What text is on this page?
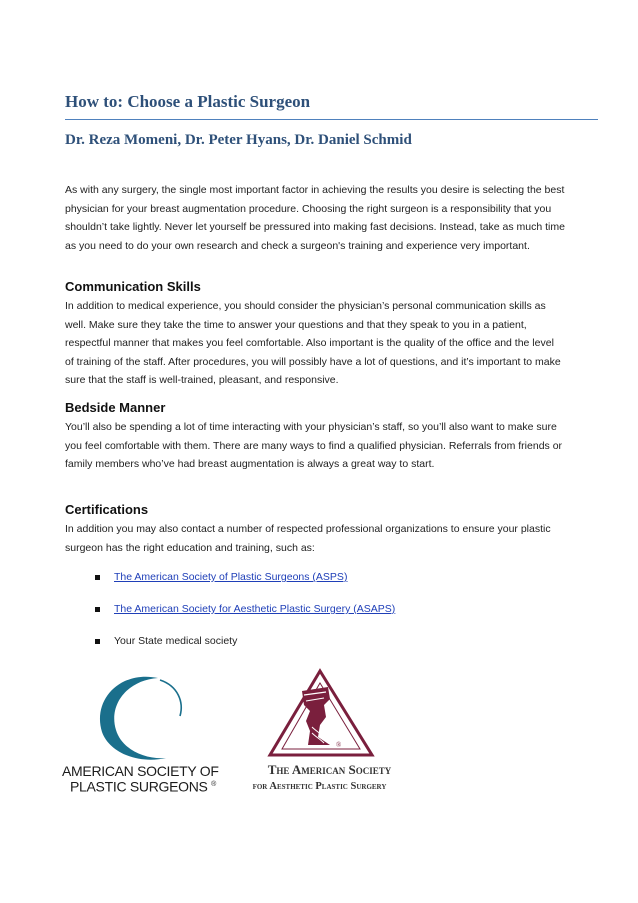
How to: Choose a Plastic Surgeon
Dr. Reza Momeni, Dr. Peter Hyans, Dr. Daniel Schmid

As with any surgery, the single most important factor in achieving the results you desire is selecting the best physician for your breast augmentation procedure. Choosing the right surgeon is a responsibility that you shouldn’t take lightly. Never let yourself be pressured into making fast decisions. Instead, take as much time as you need to do your own research and check a surgeon's training and experience very important.

Communication Skills

In addition to medical experience, you should consider the physician’s personal communication skills as well. Make sure they take the time to answer your questions and that they speak to you in a patient, respectful manner that makes you feel comfortable. Also important is the quality of the office and the level of training of the staff. After procedures, you will possibly have a lot of questions, and it’s important to make sure that the staff is well-trained, pleasant, and responsive.

Bedside Manner

You’ll also be spending a lot of time interacting with your physician’s staff, so you’ll also want to make sure you feel comfortable with them. There are many ways to find a qualified physician. Referrals from friends or family members who’ve had breast augmentation is always a great way to start.

Certifications

In addition you may also contact a number of respected professional organizations to ensure your plastic surgeon has the right education and training, such as:

The American Society of Plastic Surgeons (ASPS)
The American Society for Aesthetic Plastic Surgery (ASAPS)
Your State medical society
AMERICAN SOCIETY OF
PLASTIC SURGEONS ®
®
The American Society
for Aesthetic Plastic Surgery
